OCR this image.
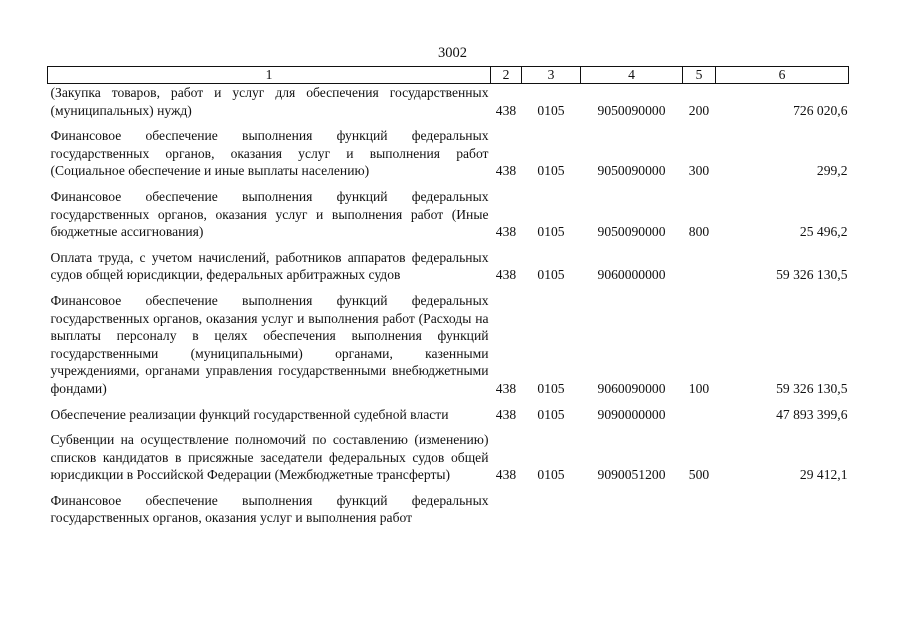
3002
1	2	3	4	5	6
(Закупка товаров, работ и услуг для обеспечения государственных (муниципальных) нужд)	438	0105	9050090000	200	726 020,6
Финансовое обеспечение выполнения функций федеральных государственных органов, оказания услуг и выполнения работ (Социальное обеспечение и иные выплаты населению)	438	0105	9050090000	300	299,2
Финансовое обеспечение выполнения функций федеральных государственных органов, оказания услуг и выполнения работ (Иные бюджетные ассигнования)	438	0105	9050090000	800	25 496,2
Оплата труда, с учетом начислений, работников аппаратов федеральных судов общей юрисдикции, федеральных арбитражных судов	438	0105	9060000000		59 326 130,5
Финансовое обеспечение выполнения функций федеральных государственных органов, оказания услуг и выполнения работ (Расходы на выплаты персоналу в целях обеспечения выполнения функций государственными (муниципальными) органами, казенными учреждениями, органами управления государственными внебюджетными фондами)	438	0105	9060090000	100	59 326 130,5
Обеспечение реализации функций государственной судебной власти	438	0105	9090000000		47 893 399,6
Субвенции на осуществление полномочий по составлению (изменению) списков кандидатов в присяжные заседатели федеральных судов общей юрисдикции в Российской Федерации (Межбюджетные трансферты)	438	0105	9090051200	500	29 412,1
Финансовое обеспечение выполнения функций федеральных государственных органов, оказания услуг и выполнения работ					
